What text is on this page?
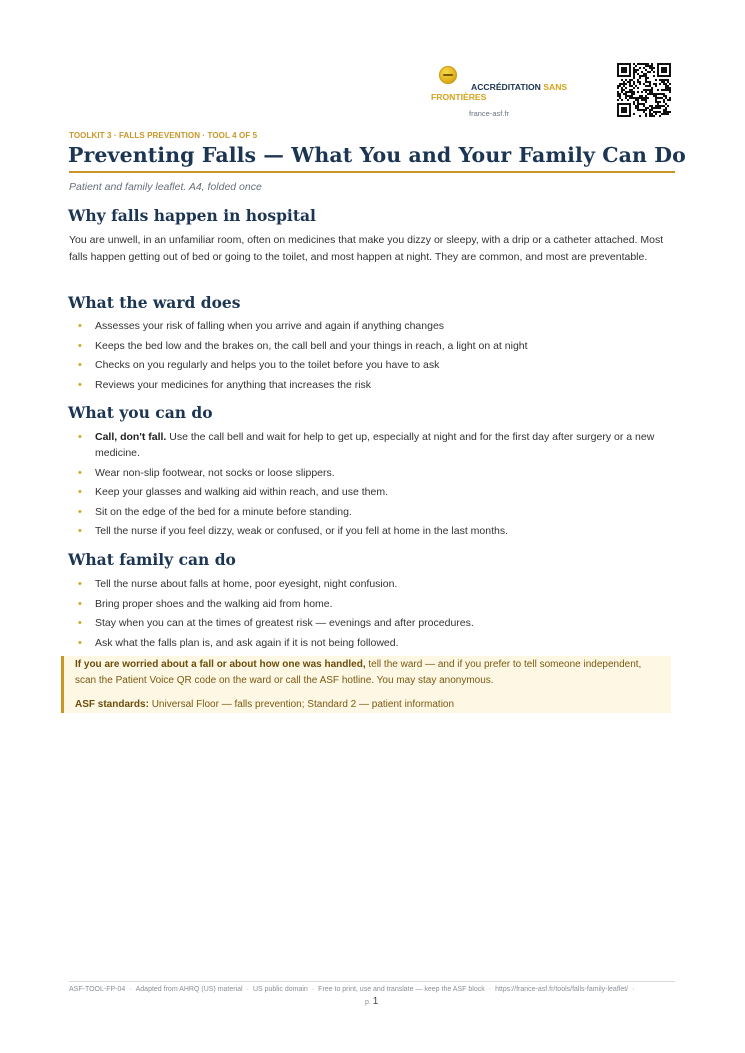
ACCRÉDITATION SANS FRONTIÈRES
france-asf.fr
TOOLKIT 3 · FALLS PREVENTION · TOOL 4 OF 5
Preventing Falls — What You and Your Family Can Do
Patient and family leaflet. A4, folded once
Why falls happen in hospital

You are unwell, in an unfamiliar room, often on medicines that make you dizzy or sleepy, with a drip or a catheter attached. Most falls happen getting out of bed or going to the toilet, and most happen at night. They are common, and most are preventable.

What the ward does
• Assesses your risk of falling when you arrive and again if anything changes
• Keeps the bed low and the brakes on, the call bell and your things in reach, a light on at night
• Checks on you regularly and helps you to the toilet before you have to ask
• Reviews your medicines for anything that increases the risk
What you can do
• Call, don't fall. Use the call bell and wait for help to get up, especially at night and for the first day after surgery or a new medicine.
• Wear non-slip footwear, not socks or loose slippers.
• Keep your glasses and walking aid within reach, and use them.
• Sit on the edge of the bed for a minute before standing.
• Tell the nurse if you feel dizzy, weak or confused, or if you fell at home in the last months.
What family can do
• Tell the nurse about falls at home, poor eyesight, night confusion.
• Bring proper shoes and the walking aid from home.
• Stay when you can at the times of greatest risk — evenings and after procedures.
• Ask what the falls plan is, and ask again if it is not being followed.

If you are worried about a fall or about how one was handled, tell the ward — and if you prefer to tell someone independent, scan the Patient Voice QR code on the ward or call the ASF hotline. You may stay anonymous.

ASF standards: Universal Floor — falls prevention; Standard 2 — patient information

ASF-TOOL-FP-04 · Adapted from AHRQ (US) material · US public domain · Free to print, use and translate — keep the ASF block · https://france-asf.fr/tools/falls-family-leaflet/ ·
p. 1
